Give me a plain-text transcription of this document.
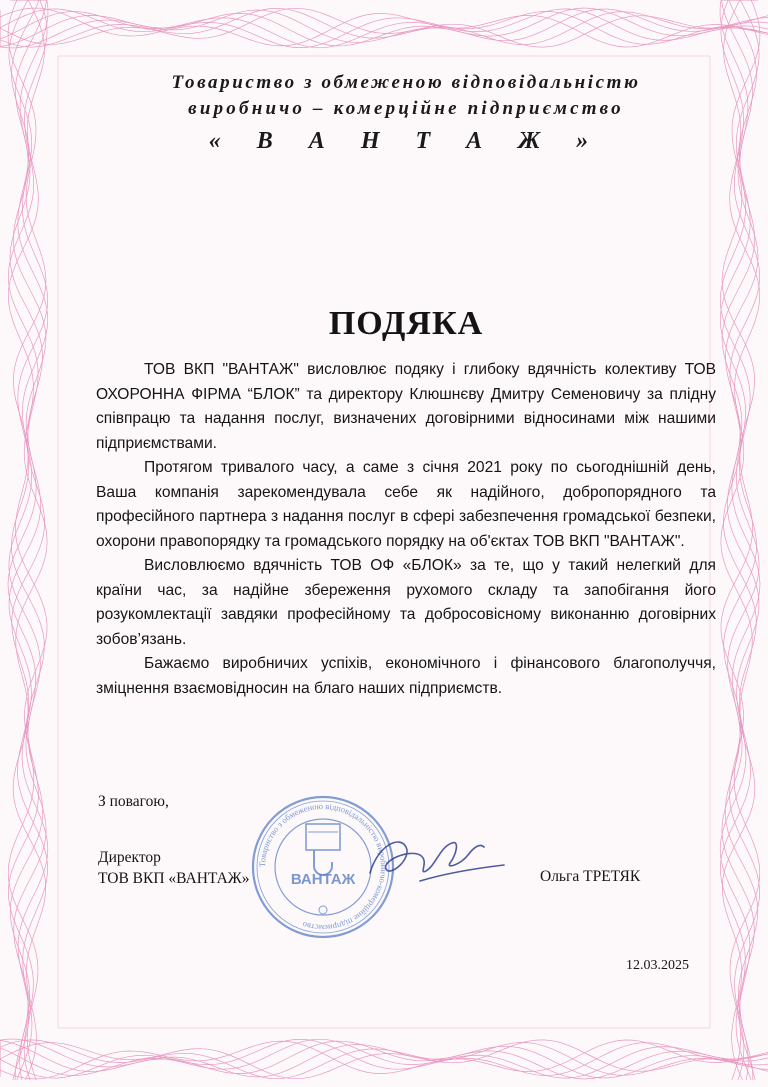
Товариство з обмеженою відповідальністю

виробничо – комерційне підприємство

« В А Н Т А Ж »

ПОДЯКА

ТОВ ВКП "ВАНТАЖ" висловлює подяку і глибоку вдячність колективу ТОВ ОХОРОННА ФІРМА “БЛОК” та директору Клюшнєву Дмитру Семеновичу за плідну співпрацю та надання послуг, визначених договірними відносинами між нашими підприємствами.

Протягом тривалого часу, а саме з січня 2021 року по сьогоднішній день, Ваша компанія зарекомендувала себе як надійного, добропорядного та професійного партнера з надання послуг в сфері забезпечення громадської безпеки, охорони правопорядку та громадського порядку на об'єктах ТОВ ВКП "ВАНТАЖ".

Висловлюємо вдячність ТОВ ОФ «БЛОК» за те, що у такий нелегкий для країни час, за надійне збереження рухомого складу та запобігання його розукомлектації завдяки професійному та добросовісному виконанню договірних зобов’язань.

Бажаємо виробничих успіхів, економічного і фінансового благополуччя, зміцнення взаємовідносин на благо наших підприємств.

З повагою,
Директор
ТОВ ВКП «ВАНТАЖ»
Товариство з обмеженою відповідальністю виробничо-комерційне підприємство
ВАНТАЖ	Ольга ТРЕТЯК
12.03.2025
